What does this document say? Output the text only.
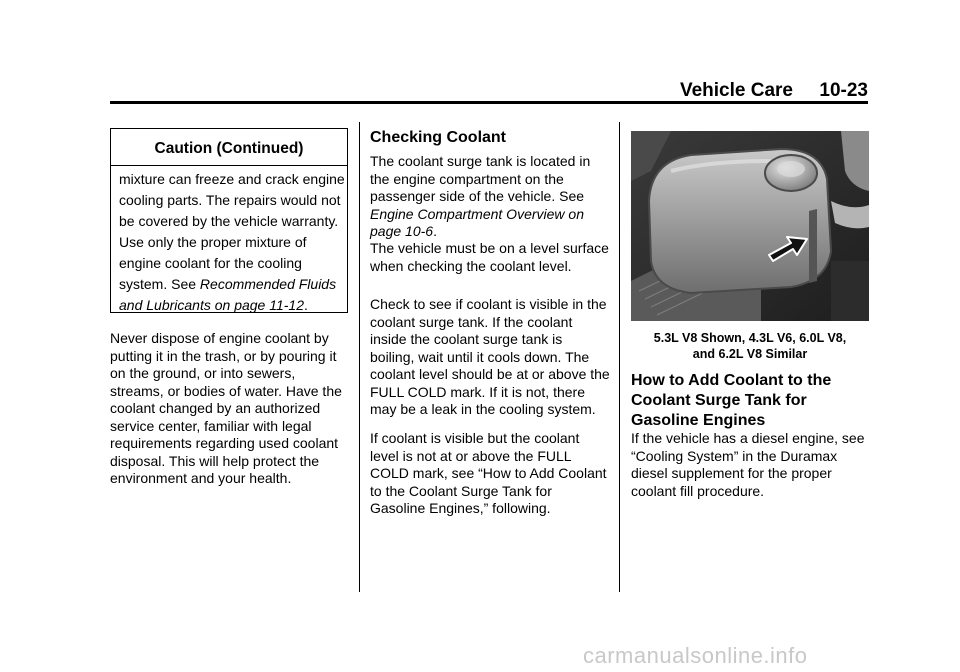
Vehicle Care 10-23
Caution (Continued)
mixture can freeze and crack engine cooling parts. The repairs would not be covered by the vehicle warranty. Use only the proper mixture of engine coolant for the cooling system. See Recommended Fluids and Lubricants on page 11-12.
Never dispose of engine coolant by putting it in the trash, or by pouring it on the ground, or into sewers, streams, or bodies of water. Have the coolant changed by an authorized service center, familiar with legal requirements regarding used coolant disposal. This will help protect the environment and your health.
Checking Coolant
The coolant surge tank is located in the engine compartment on the passenger side of the vehicle. See Engine Compartment Overview on page 10-6.
The vehicle must be on a level surface when checking the coolant level.
Check to see if coolant is visible in the coolant surge tank. If the coolant inside the coolant surge tank is boiling, wait until it cools down. The coolant level should be at or above the FULL COLD mark. If it is not, there may be a leak in the cooling system.
If coolant is visible but the coolant level is not at or above the FULL COLD mark, see “How to Add Coolant to the Coolant Surge Tank for Gasoline Engines,” following.
5.3L V8 Shown, 4.3L V6, 6.0L V8,
and 6.2L V8 Similar
How to Add Coolant to the Coolant Surge Tank for Gasoline Engines
If the vehicle has a diesel engine, see “Cooling System” in the Duramax diesel supplement for the proper coolant fill procedure.
carmanualsonline.info
